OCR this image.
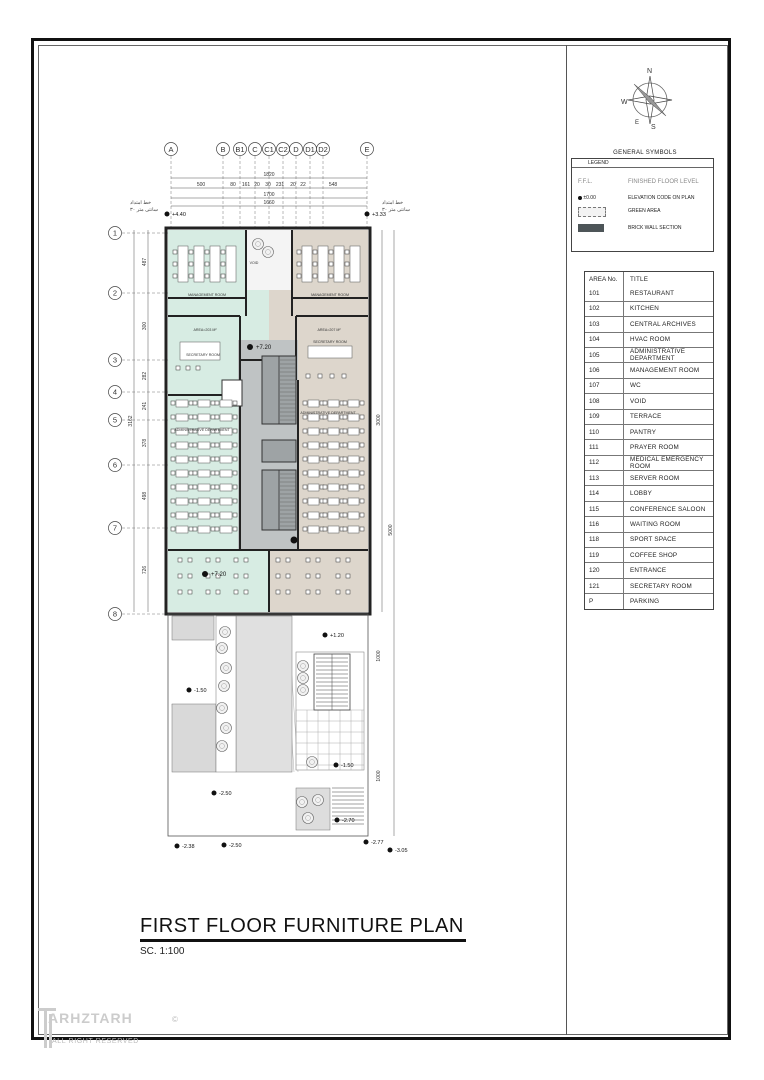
A	B B1 C C1 C2 D D1 D2	E
1
2
3
4
5
6
7
8
1820
500	80 161 20 30 231 20 22	548
1700
1660
خط امتداد
۳۰ سانتی متر
خط امتداد
۳۰ سانتی متر
+4.40	+3.33
MANAGEMENT ROOM	MANAGEMENT ROOM
AREA=203 M²	AREA=207 M²
SECRETARY ROOM
SECRETARY ROOM
ADMINISTRATIVE DEPARTMENT
ADMINISTRATIVE DEPARTMENT
VOID
+7.20
+7.20
+1.20
-1.50
-1.50
-2.50
-2.70
-2.38	-2.50	-2.77
-3.05
487
300
282
241
378
498
726
3162	3000
5000
1000
1000
N
S
W
E
GENERAL SYMBOLS
LEGEND
F.F.L.	FINISHED FLOOR LEVEL
±0.00	ELEVATION CODE ON PLAN
GREEN AREA
BRICK WALL SECTION
AREA No.	TITLE
101	RESTAURANT
102	KITCHEN
103	CENTRAL ARCHIVES
104	HVAC ROOM
105	ADMINISTRATIVE DEPARTMENT
106	MANAGEMENT ROOM
107	WC
108	VOID
109	TERRACE
110	PANTRY
111	PRAYER ROOM
112	MEDICAL EMERGENCY ROOM
113	SERVER ROOM
114	LOBBY
115	CONFERENCE SALOON
116	WAITING ROOM
118	SPORT SPACE
119	COFFEE SHOP
120	ENTRANCE
121	SECRETARY ROOM
P	PARKING
FIRST FLOOR FURNITURE PLAN
SC. 1:100
ARHZTARH
ALL RIGHT RESERVED
©
